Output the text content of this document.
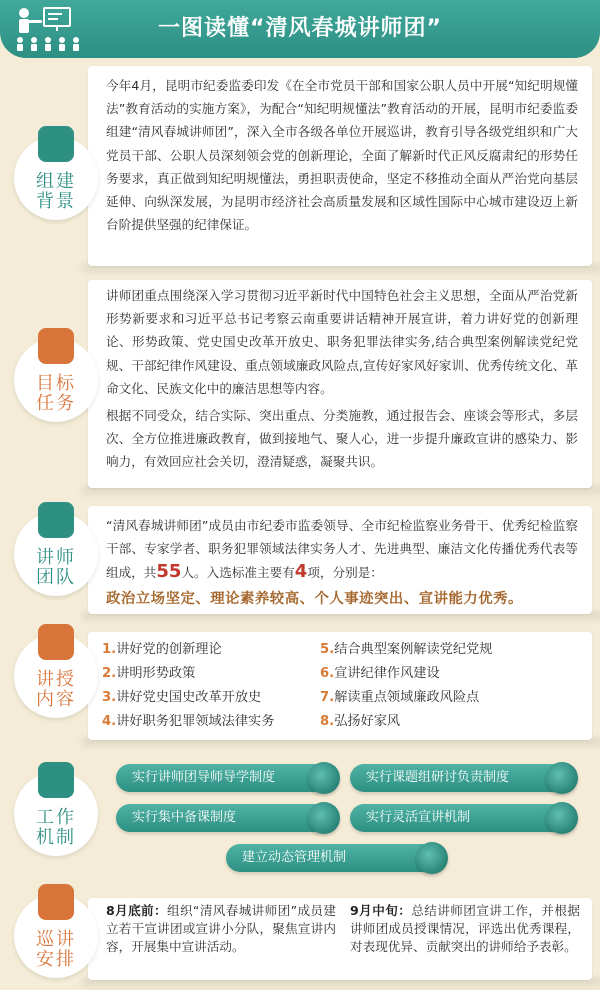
一图读懂“清风春城讲师团”

今年4月，昆明市纪委监委印发《在全市党员干部和国家公职人员中开展“知纪明规懂法”教育活动的实施方案》，为配合“知纪明规懂法”教育活动的开展，昆明市纪委监委组建“清风春城讲师团”，深入全市各级各单位开展巡讲，教育引导各级党组织和广大党员干部、公职人员深刻领会党的创新理论，全面了解新时代正风反腐肃纪的形势任务要求，真正做到知纪明规懂法，勇担职责使命，坚定不移推动全面从严治党向基层延伸、向纵深发展，为昆明市经济社会高质量发展和区域性国际中心城市建设迈上新台阶提供坚强的纪律保证。

组建
背景

讲师团重点围绕深入学习贯彻习近平新时代中国特色社会主义思想，全面从严治党新形势新要求和习近平总书记考察云南重要讲话精神开展宣讲，着力讲好党的创新理论、形势政策、党史国史改革开放史、职务犯罪法律实务,结合典型案例解读党纪党规、干部纪律作风建设、重点领域廉政风险点,宣传好家风好家训、优秀传统文化、革命文化、民族文化中的廉洁思想等内容。

根据不同受众，结合实际、突出重点、分类施教，通过报告会、座谈会等形式，多层次、全方位推进廉政教育，做到接地气、聚人心，进一步提升廉政宣讲的感染力、影响力，有效回应社会关切，澄清疑惑，凝聚共识。

目标
任务

“清风春城讲师团”成员由市纪委市监委领导、全市纪检监察业务骨干、优秀纪检监察干部、专家学者、职务犯罪领域法律实务人才、先进典型、廉洁文化传播优秀代表等组成，共55人。入选标准主要有4项，分别是：

政治立场坚定、理论素养较高、个人事迹突出、宣讲能力优秀。

讲师
团队
1.讲好党的创新理论	5.结合典型案例解读党纪党规
2.讲明形势政策	6.宣讲纪律作风建设
3.讲好党史国史改革开放史	7.解读重点领域廉政风险点
4.讲好职务犯罪领域法律实务	8.弘扬好家风
讲授
内容
实行讲师团导师导学制度	实行课题组研讨负责制度
实行集中备课制度	实行灵活宣讲机制
建立动态管理机制
工作
机制

8月底前：组织“清风春城讲师团”成员建立若干宣讲团或宣讲小分队，聚焦宣讲内容，开展集中宣讲活动。

9月中旬：总结讲师团宣讲工作，并根据讲师团成员授课情况，评选出优秀课程，对表现优异、贡献突出的讲师给予表彰。

巡讲
安排
